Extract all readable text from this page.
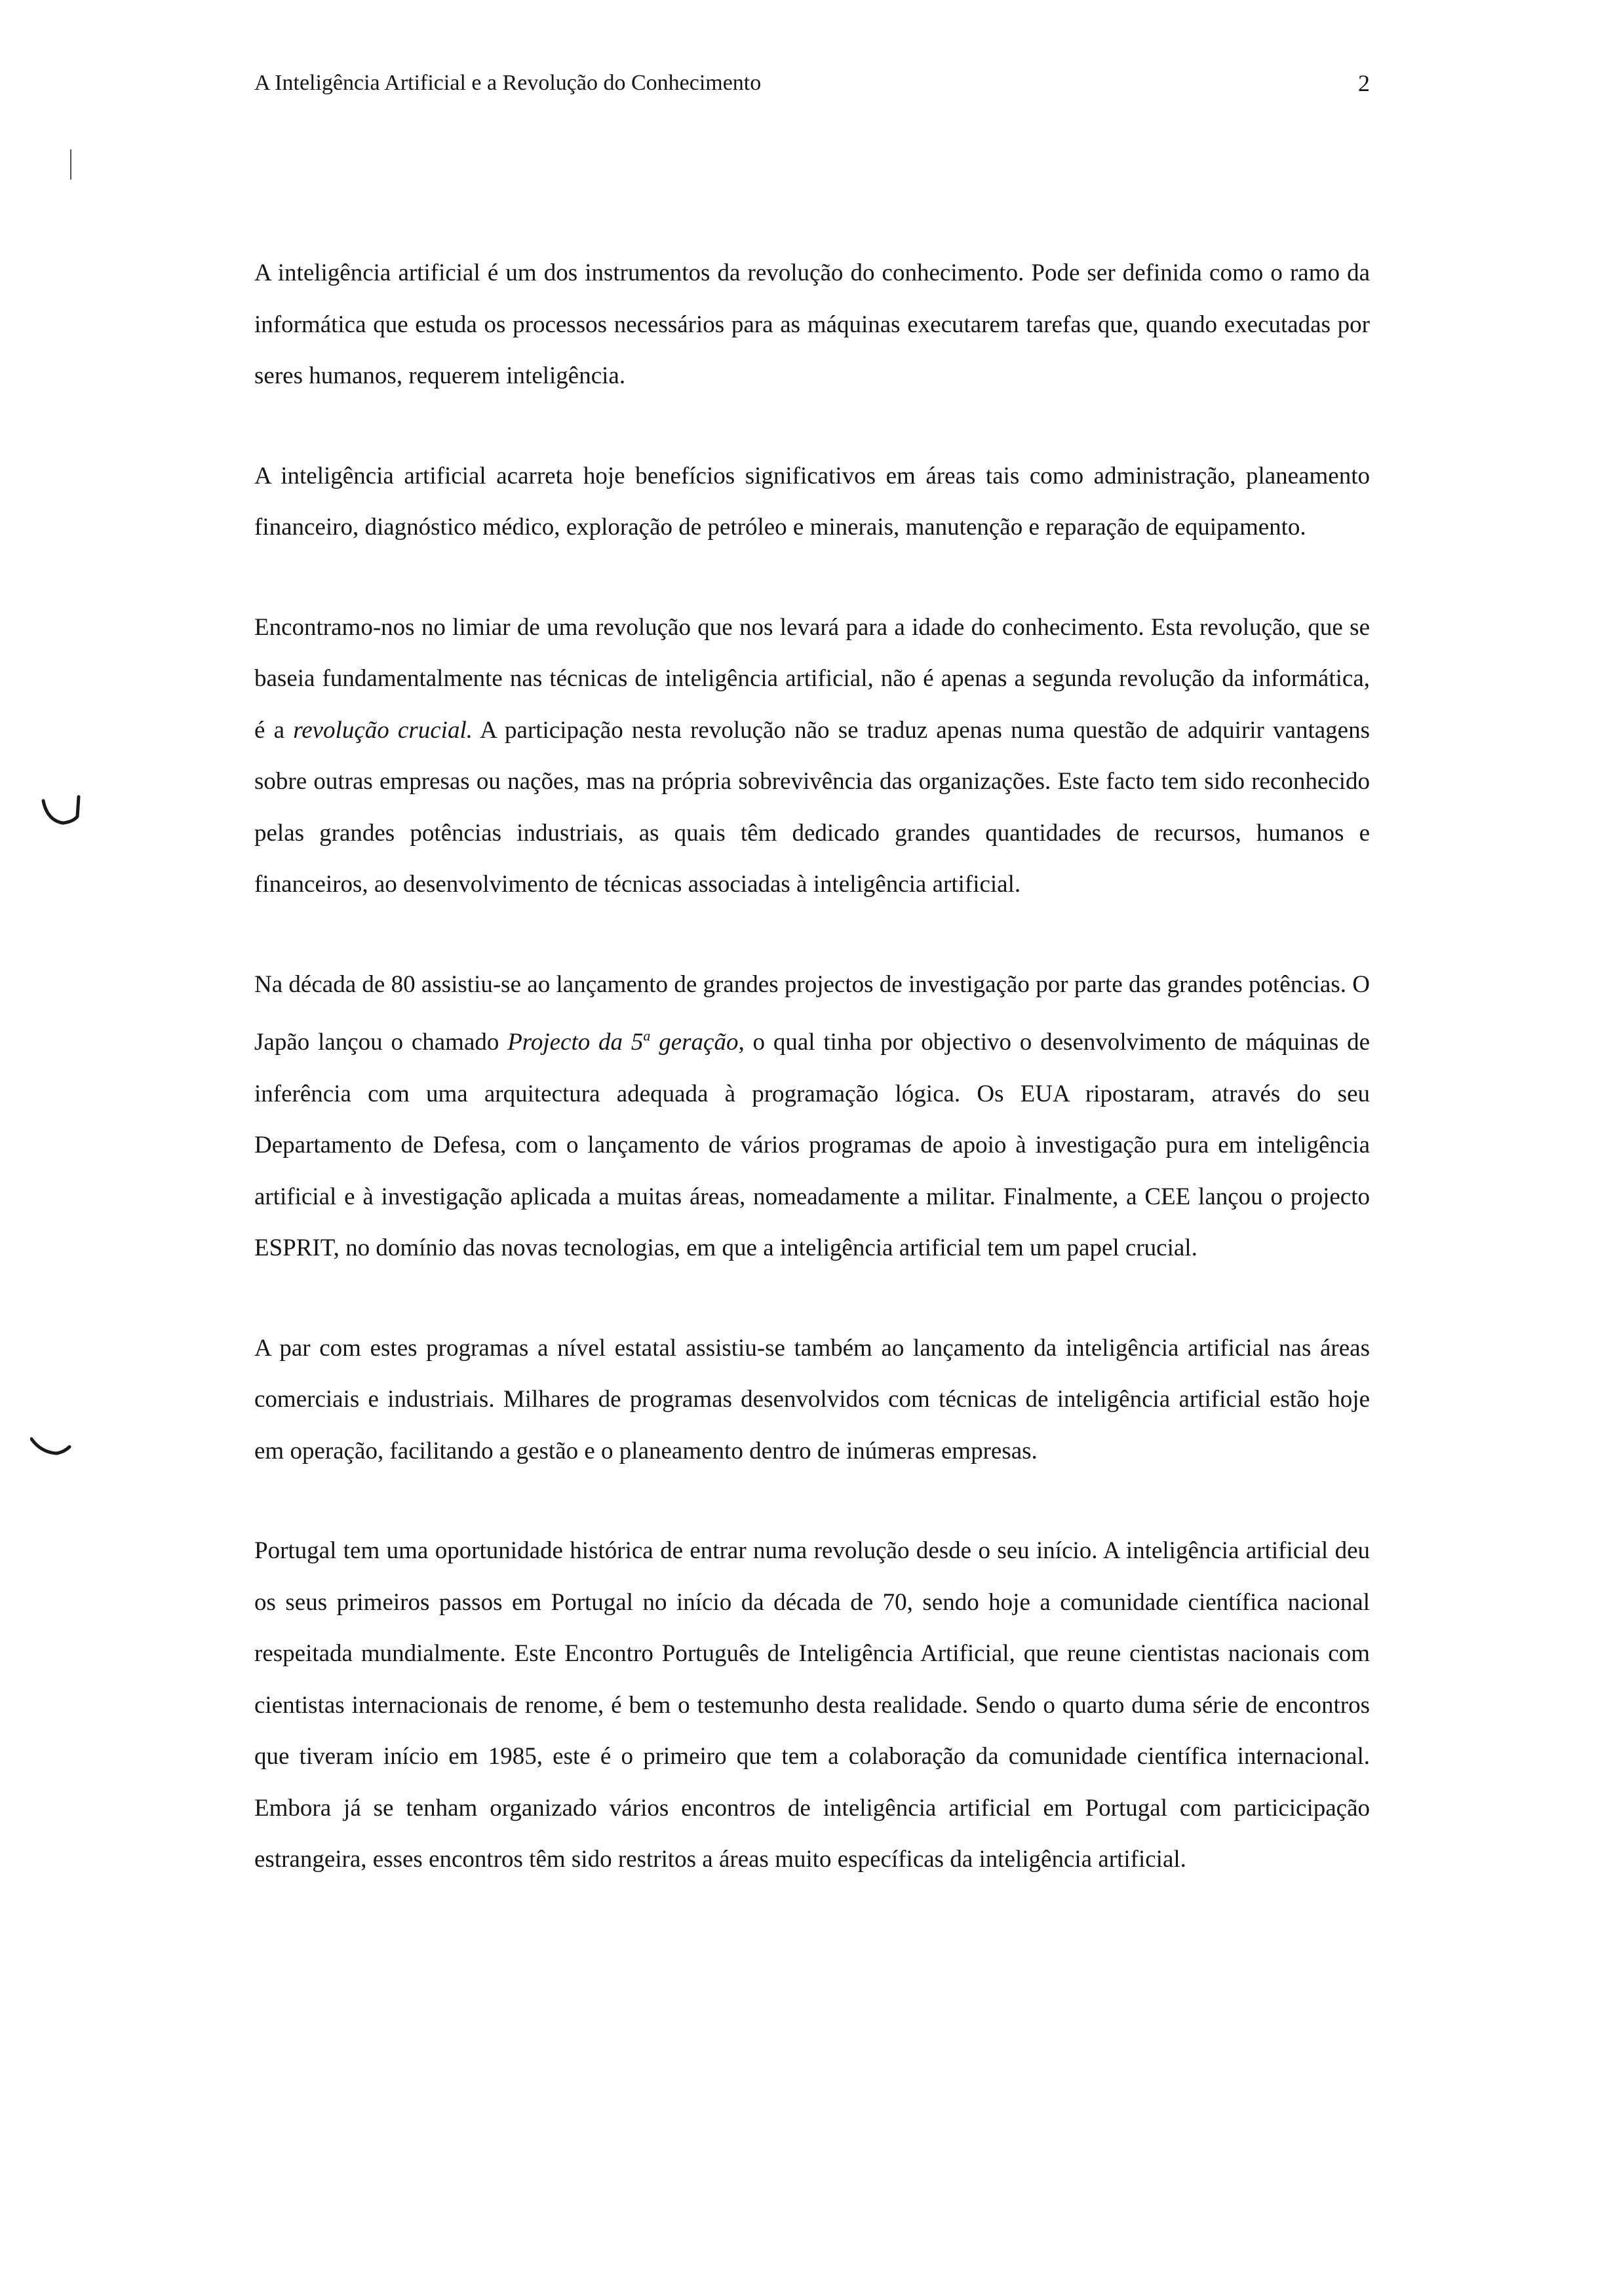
A Inteligência Artificial e a Revolução do Conhecimento	2

A inteligência artificial é um dos instrumentos da revolução do conhecimento. Pode ser definida como o ramo da informática que estuda os processos necessários para as máquinas executarem tarefas que, quando executadas por seres humanos, requerem inteligência.

A inteligência artificial acarreta hoje benefícios significativos em áreas tais como administração, planeamento financeiro, diagnóstico médico, exploração de petróleo e minerais, manutenção e reparação de equipamento.

Encontramo-nos no limiar de uma revolução que nos levará para a idade do conhecimento. Esta revolução, que se baseia fundamentalmente nas técnicas de inteligência artificial, não é apenas a segunda revolução da informática, é a revolução crucial. A participação nesta revolução não se traduz apenas numa questão de adquirir vantagens sobre outras empresas ou nações, mas na própria sobrevivência das organizações. Este facto tem sido reconhecido pelas grandes potências industriais, as quais têm dedicado grandes quantidades de recursos, humanos e financeiros, ao desenvolvimento de técnicas associadas à inteligência artificial.

Na década de 80 assistiu-se ao lançamento de grandes projectos de investigação por parte das grandes potências. O Japão lançou o chamado Projecto da 5$^a$ geração, o qual tinha por objectivo o desenvolvimento de máquinas de inferência com uma arquitectura adequada à programação lógica. Os EUA ripostaram, através do seu Departamento de Defesa, com o lançamento de vários programas de apoio à investigação pura em inteligência artificial e à investigação aplicada a muitas áreas, nomeadamente a militar. Finalmente, a CEE lançou o projecto ESPRIT, no domínio das novas tecnologias, em que a inteligência artificial tem um papel crucial.

A par com estes programas a nível estatal assistiu-se também ao lançamento da inteligência artificial nas áreas comerciais e industriais. Milhares de programas desenvolvidos com técnicas de inteligência artificial estão hoje em operação, facilitando a gestão e o planeamento dentro de inúmeras empresas.

Portugal tem uma oportunidade histórica de entrar numa revolução desde o seu início. A inteligência artificial deu os seus primeiros passos em Portugal no início da década de 70, sendo hoje a comunidade científica nacional respeitada mundialmente. Este Encontro Português de Inteligência Artificial, que reune cientistas nacionais com cientistas internacionais de renome, é bem o testemunho desta realidade. Sendo o quarto duma série de encontros que tiveram início em 1985, este é o primeiro que tem a colaboração da comunidade científica internacional. Embora já se tenham organizado vários encontros de inteligência artificial em Portugal com particicipação estrangeira, esses encontros têm sido restritos a áreas muito específicas da inteligência artificial.
